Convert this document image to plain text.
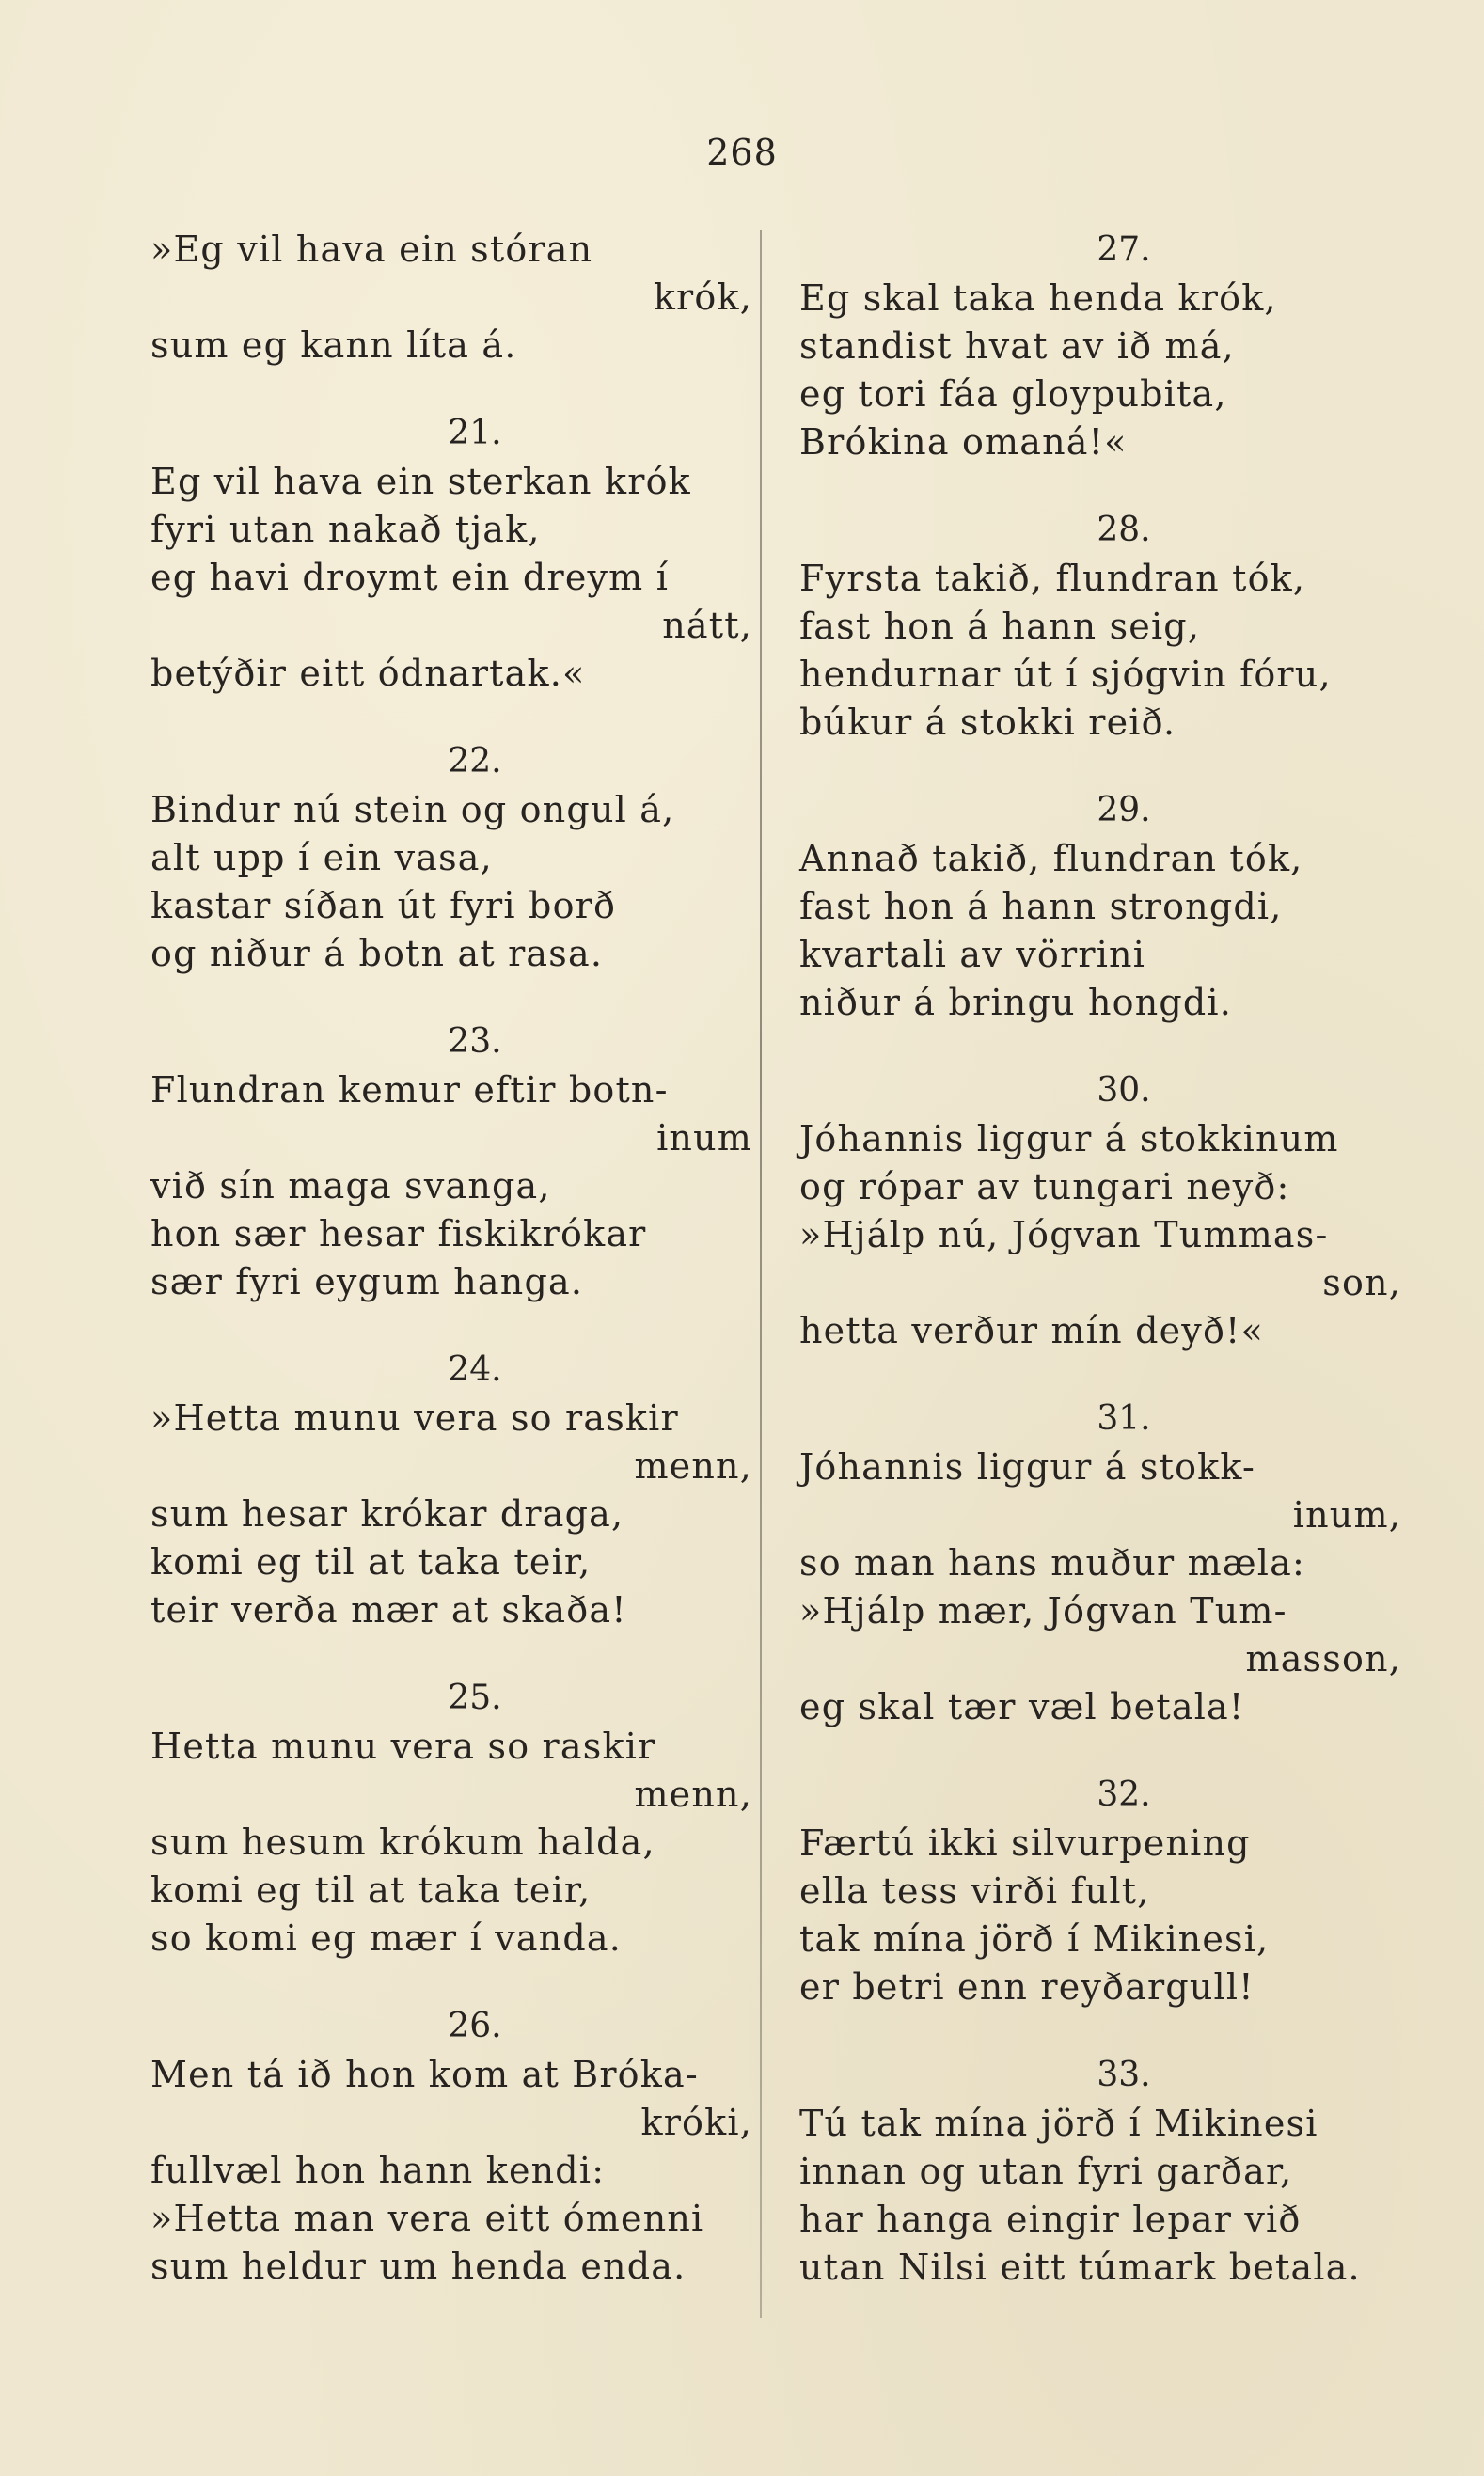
268
»Eg vil hava ein stóran
krók,
sum eg kann líta á.
21.
Eg vil hava ein sterkan krók
fyri utan nakað tjak,
eg havi droymt ein dreym í
nátt,
betýðir eitt ódnartak.«
22.
Bindur nú stein og ongul á,
alt upp í ein vasa,
kastar síðan út fyri borð
og niður á botn at rasa.
23.
Flundran kemur eftir botn-
inum
við sín maga svanga,
hon sær hesar fiskikrókar
sær fyri eygum hanga.
24.
»Hetta munu vera so raskir
menn,
sum hesar krókar draga,
komi eg til at taka teir,
teir verða mær at skaða!
25.
Hetta munu vera so raskir
menn,
sum hesum krókum halda,
komi eg til at taka teir,
so komi eg mær í vanda.
26.
Men tá ið hon kom at Bróka-
króki,
fullvæl hon hann kendi:
»Hetta man vera eitt ómenni
sum heldur um henda enda.
27.
Eg skal taka henda krók,
standist hvat av ið má,
eg tori fáa gloypubita,
Brókina omaná!«
28.
Fyrsta takið, flundran tók,
fast hon á hann seig,
hendurnar út í sjógvin fóru,
búkur á stokki reið.
29.
Annað takið, flundran tók,
fast hon á hann strongdi,
kvartali av vörrini
niður á bringu hongdi.
30.
Jóhannis liggur á stokkinum
og rópar av tungari neyð:
»Hjálp nú, Jógvan Tummas-
son,
hetta verður mín deyð!«
31.
Jóhannis liggur á stokk-
inum,
so man hans muður mæla:
»Hjálp mær, Jógvan Tum-
masson,
eg skal tær væl betala!
32.
Færtú ikki silvurpening
ella tess virði fult,
tak mína jörð í Mikinesi,
er betri enn reyðargull!
33.
Tú tak mína jörð í Mikinesi
innan og utan fyri garðar,
har hanga eingir lepar við
utan Nilsi eitt túmark betala.
